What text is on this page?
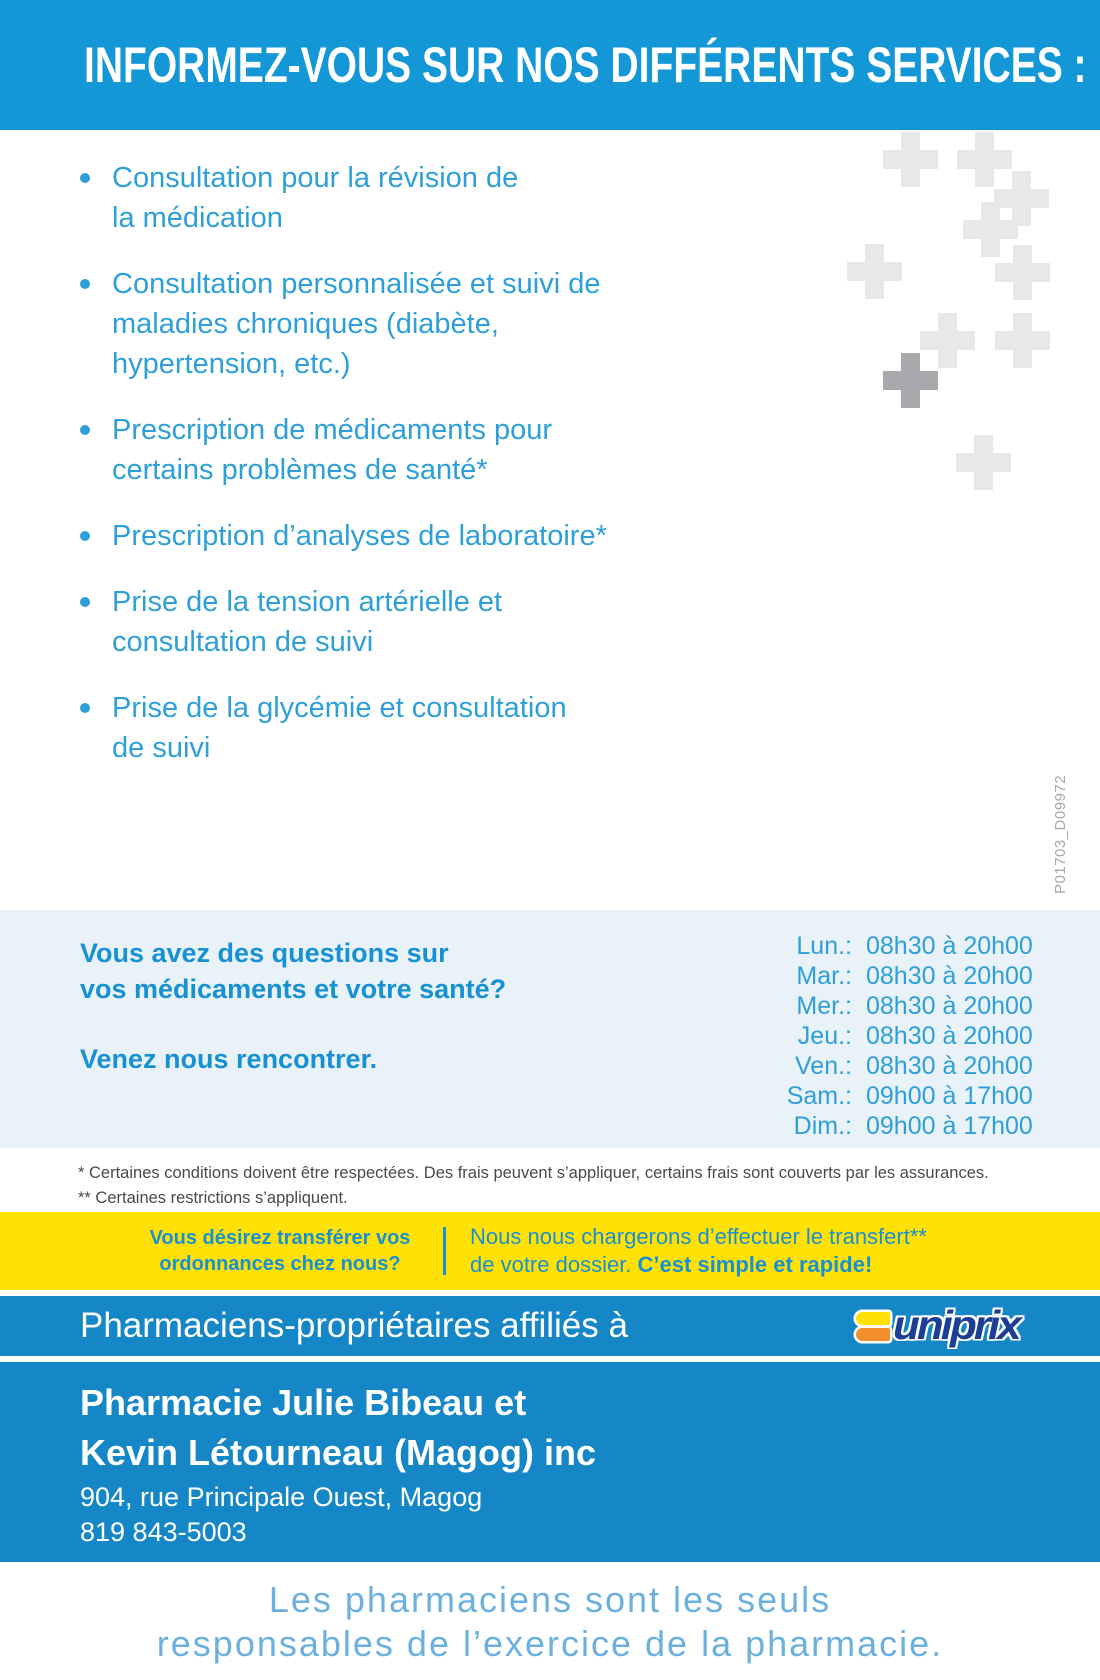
INFORMEZ-VOUS SUR NOS DIFFÉRENTS SERVICES :
Consultation pour la révision de
la médication
Consultation personnalisée et suivi de
maladies chroniques (diabète,
hypertension, etc.)
Prescription de médicaments pour
certains problèmes de santé*
Prescription d’analyses de laboratoire*
Prise de la tension artérielle et
consultation de suivi
Prise de la glycémie et consultation
de suivi
P01703_D09972
Vous avez des questions sur
vos médicaments et votre santé?
Venez nous rencontrer.
Lun.: 08h30 à 20h00
Mar.: 08h30 à 20h00
Mer.: 08h30 à 20h00
Jeu.: 08h30 à 20h00
Ven.: 08h30 à 20h00
Sam.: 09h00 à 17h00
Dim.: 09h00 à 17h00
* Certaines conditions doivent être respectées. Des frais peuvent s’appliquer, certains frais sont couverts par les assurances.
** Certaines restrictions s’appliquent.
Vous désirez transférer vos
ordonnances chez nous?
Nous nous chargerons d’effectuer le transfert**
de votre dossier. C’est simple et rapide!
Pharmaciens-propriétaires affiliés à	uniprix
Pharmacie Julie Bibeau et
Kevin Létourneau (Magog) inc
904, rue Principale Ouest, Magog
819 843-5003
Les pharmaciens sont les seuls
responsables de l’exercice de la pharmacie.
